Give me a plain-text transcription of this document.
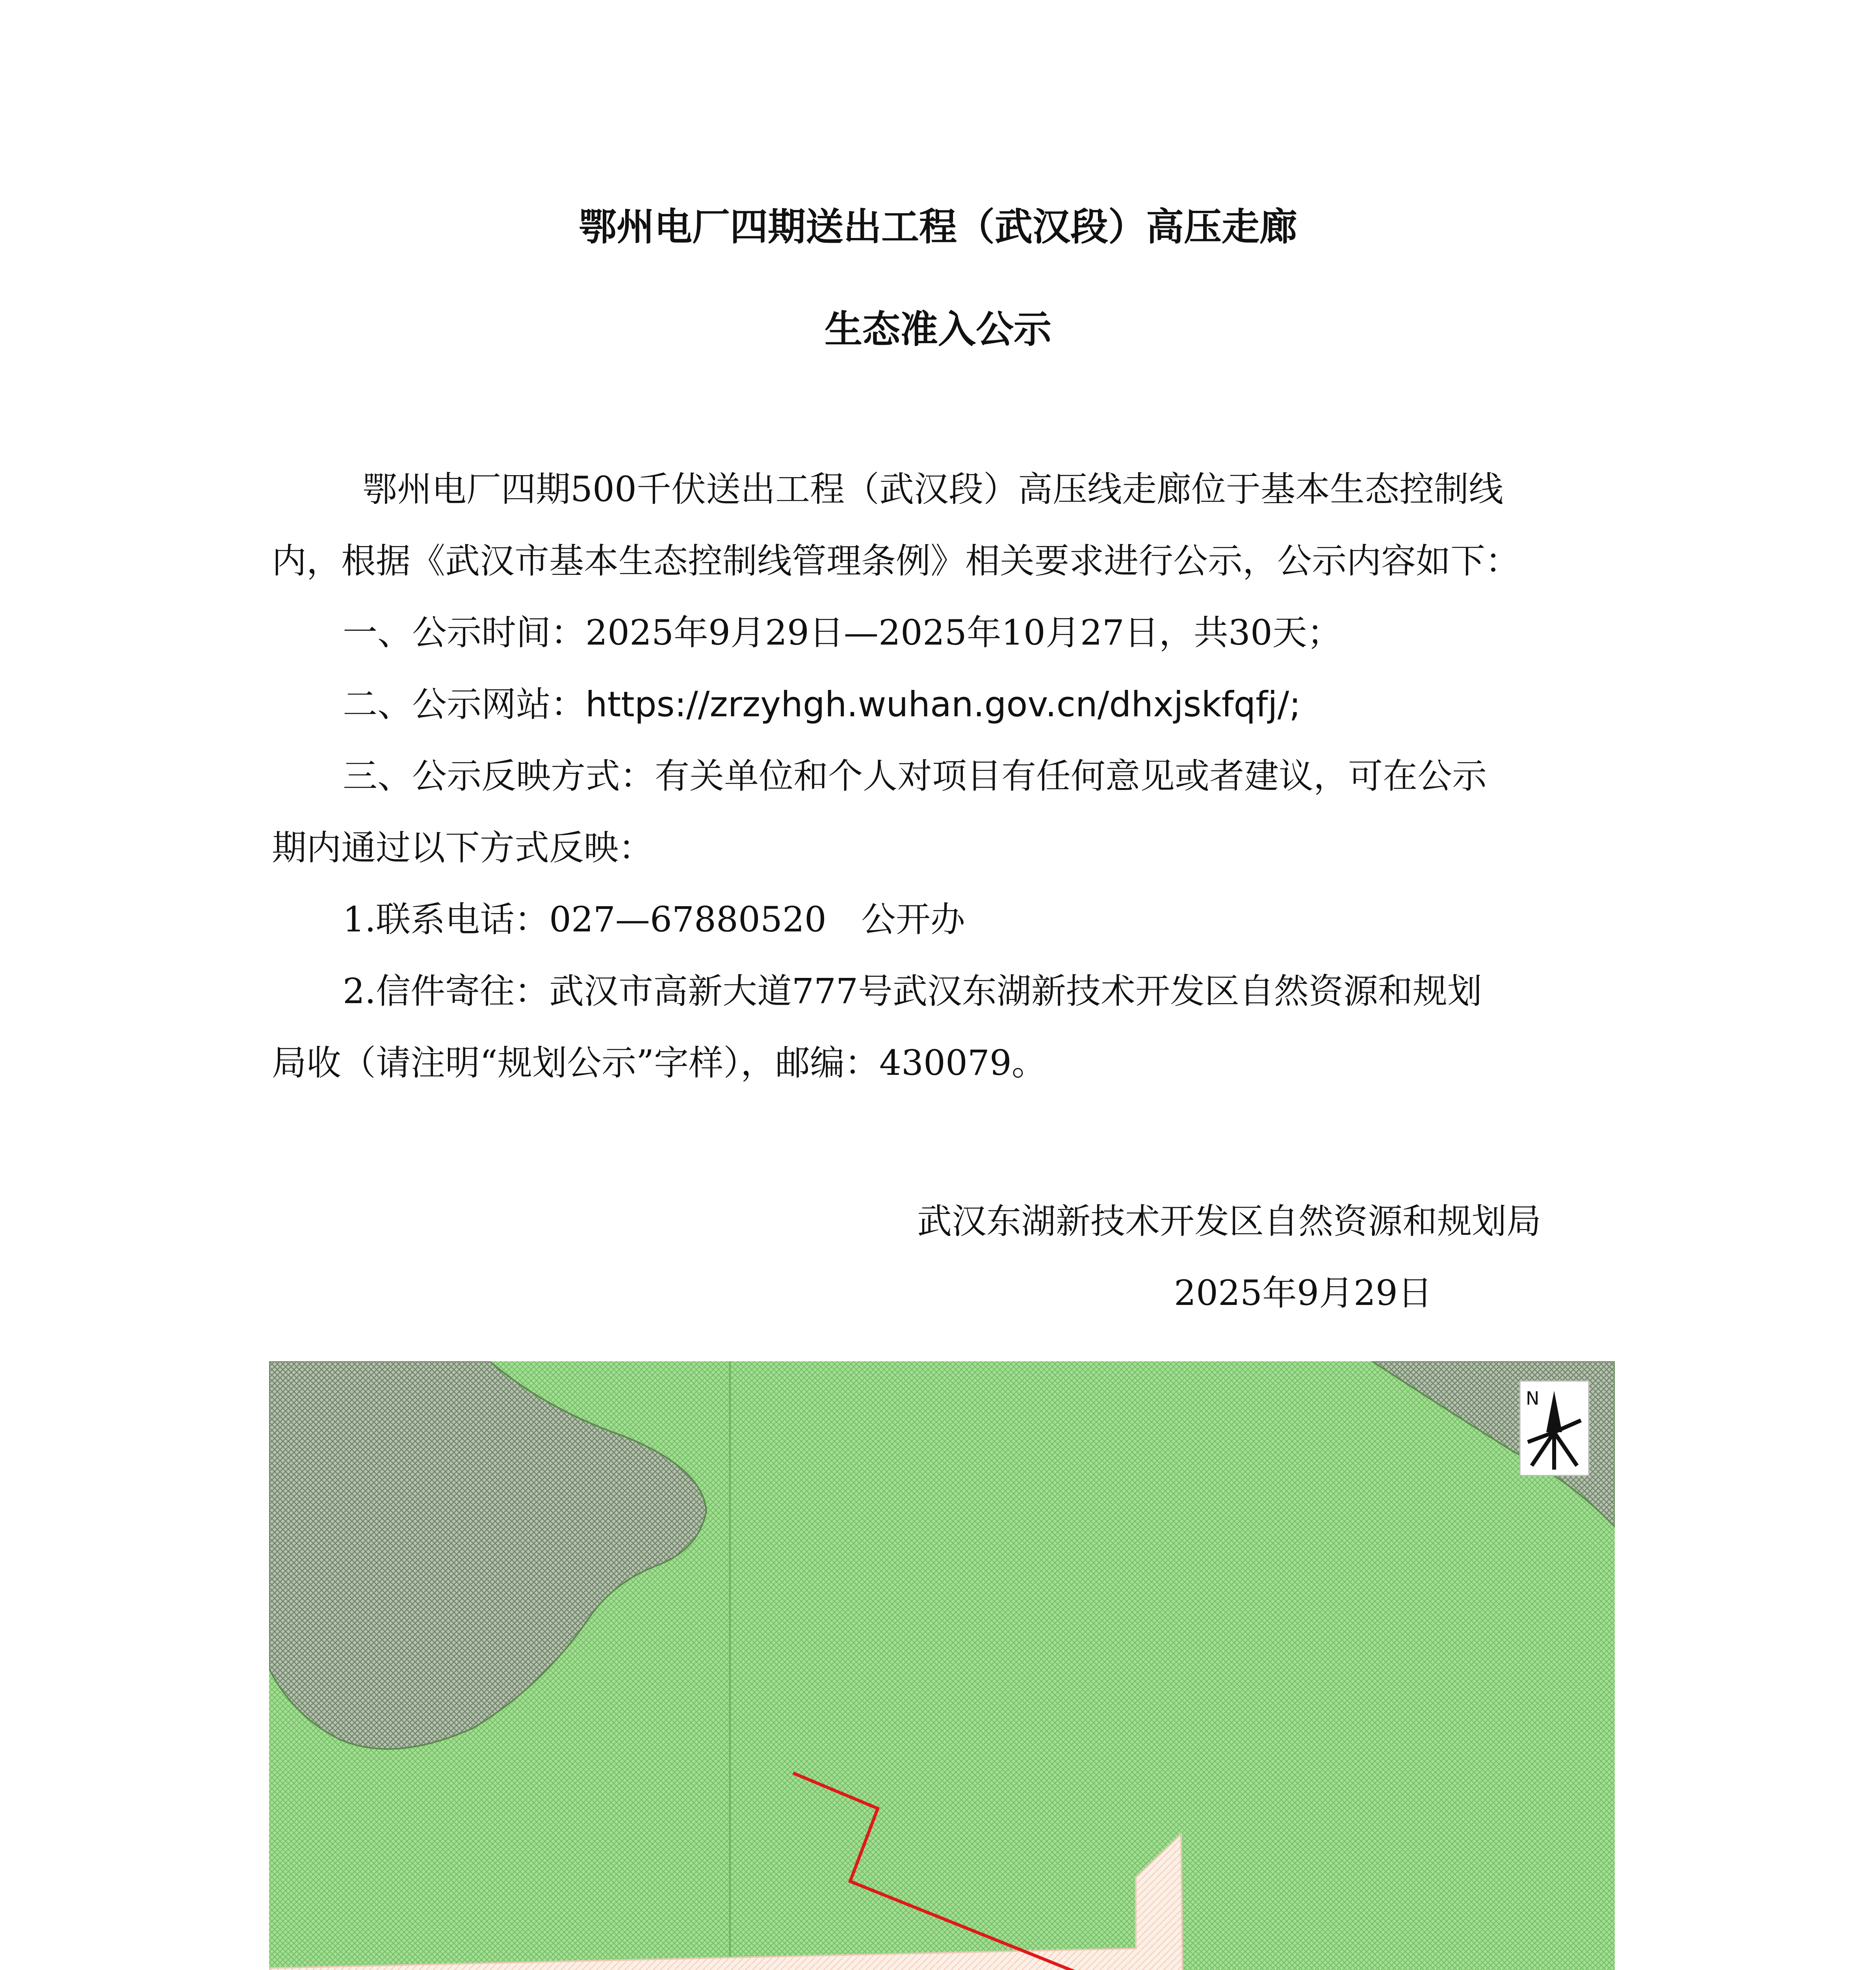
鄂州电厂四期送出工程（武汉段）高压走廊
生态准入公示
鄂州电厂四期500千伏送出工程（武汉段）高压线走廊位于基本生态控制线
内，根据《武汉市基本生态控制线管理条例》相关要求进行公示，公示内容如下：
一、公示时间：2025年9月29日—2025年10月27日，共30天；
二、公示网站：https://zrzyhgh.wuhan.gov.cn/dhxjskfqfj/;
三、公示反映方式：有关单位和个人对项目有任何意见或者建议，可在公示
期内通过以下方式反映：
1.联系电话：027—67880520　公开办
2.信件寄往：武汉市高新大道777号武汉东湖新技术开发区自然资源和规划
局收（请注明“规划公示”字样），邮编：430079。
武汉东湖新技术开发区自然资源和规划局
2025年9月29日
N
